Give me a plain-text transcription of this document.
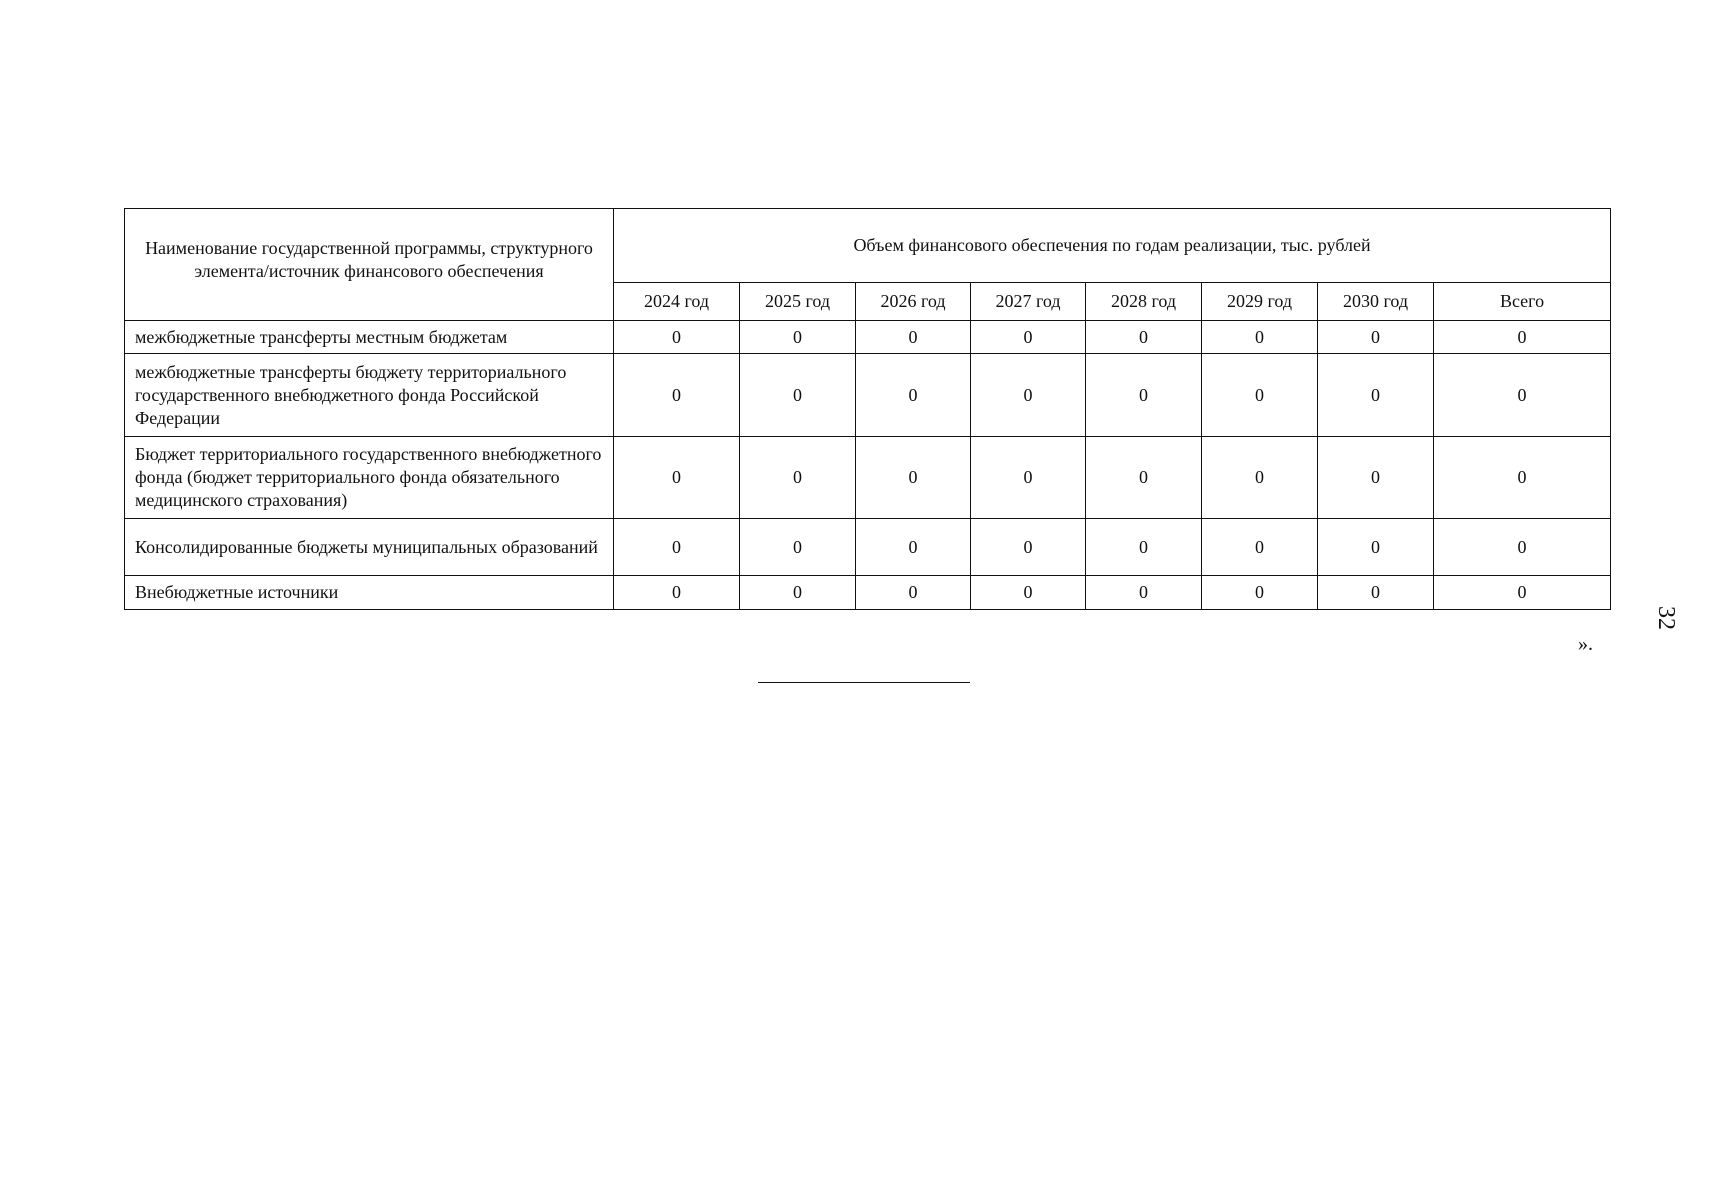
Наименование государственной программы, структурного элемента/источник финансового обеспечения	Объем финансового обеспечения по годам реализации, тыс. рублей							
	2024 год	2025 год	2026 год	2027 год	2028 год	2029 год	2030 год	Всего
межбюджетные трансферты местным бюджетам	0	0	0	0	0	0	0	0
межбюджетные трансферты бюджету территориального государственного внебюджетного фонда Российской Федерации	0	0	0	0	0	0	0	0
Бюджет территориального государственного внебюджетного фонда (бюджет территориального фонда обязательного медицинского страхования)	0	0	0	0	0	0	0	0
Консолидированные бюджеты муниципальных образований	0	0	0	0	0	0	0	0
Внебюджетные источники	0	0	0	0	0	0	0	0
32
».
